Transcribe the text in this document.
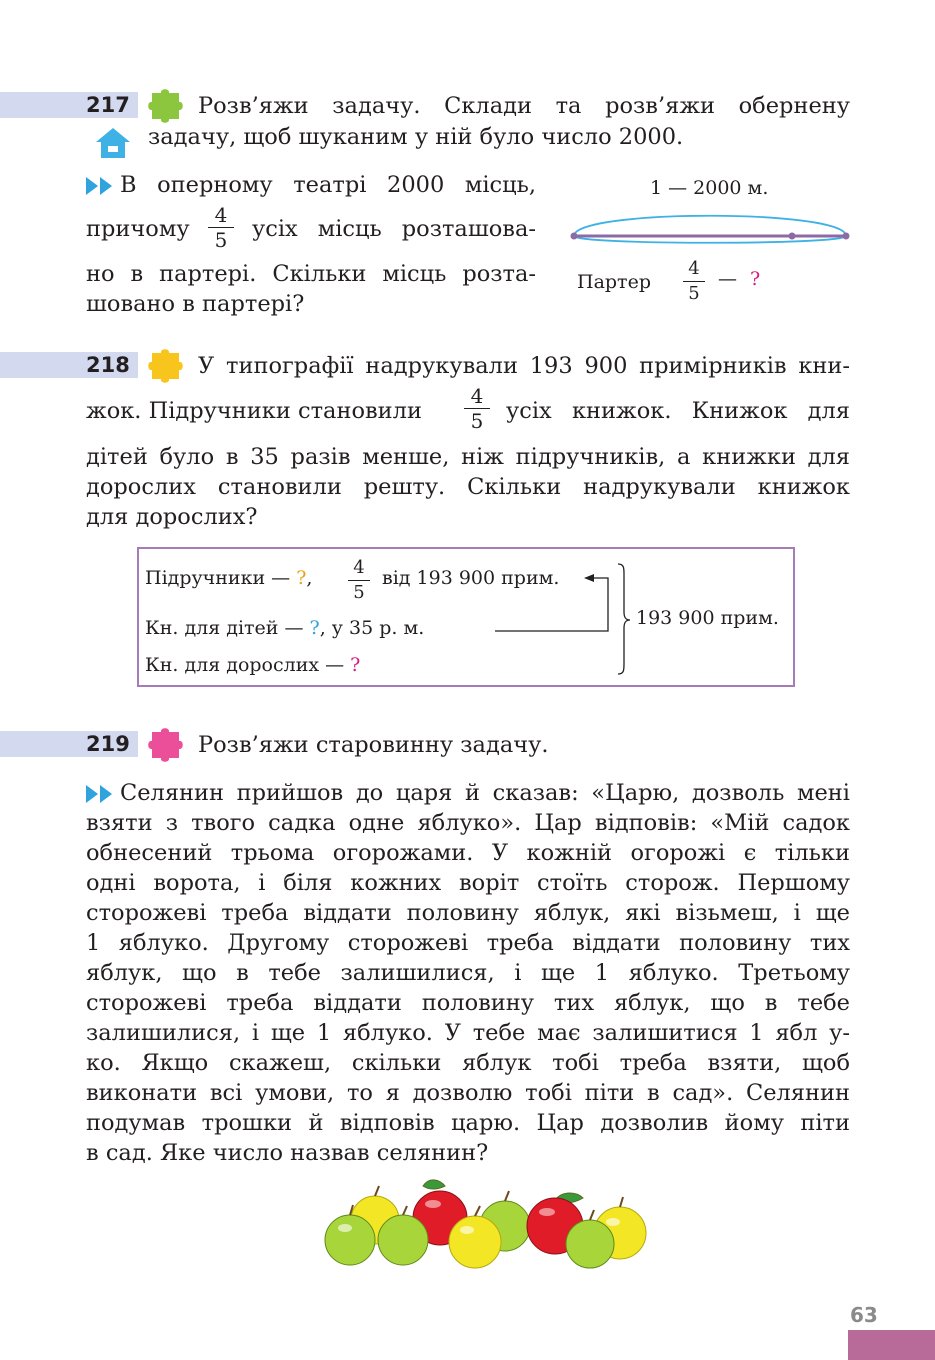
217	Розв’яжи задачу. Склади та розв’яжи обернену
задачу, щоб шуканим у ній було число 2000.
В оперному театрі 2000 місць,
причому
4
5 усіх місць розташова-
но в партері. Скільки місць розта-
шовано в партері?
1 — 2000 м.
Партер
4
5
— ?
218	У типографії надрукували 193 900 примірників кни-
жок. Підручники становили
4
5 усіх книжок. Книжок для
дітей було в 35 разів менше, ніж підручників, а книжки для
дорослих становили решту. Скільки надрукували книжок
для дорослих?
Підручники — ?, 4
5
від 193 900 прим.
Кн. для дітей — ?, у 35 р. м.
Кн. для дорослих — ?
193 900 прим.
219	Розв’яжи старовинну задачу.
Селянин прийшов до царя й сказав: «Царю, дозволь мені
взяти з твого садка одне яблуко». Цар відповів: «Мій садок
обнесений трьома огорожами. У кожній огорожі є тільки
одні ворота, і біля кожних воріт стоїть сторож. Першому
сторожеві треба віддати половину яблук, які візьмеш, і ще
1 яблуко. Другому сторожеві треба віддати половину тих
яблук, що в тебе залишилися, і ще 1 яблуко. Третьому
сторожеві треба віддати половину тих яблук, що в тебе
залишилися, і ще 1 яблуко. У тебе має залишитися 1 ябл у-
ко. Якщо скажеш, скільки яблук тобі треба взяти, щоб
виконати всі умови, то я дозволю тобі піти в сад». Селянин
подумав трошки й відповів царю. Цар дозволив йому піти
в сад. Яке число назвав селянин?
63
